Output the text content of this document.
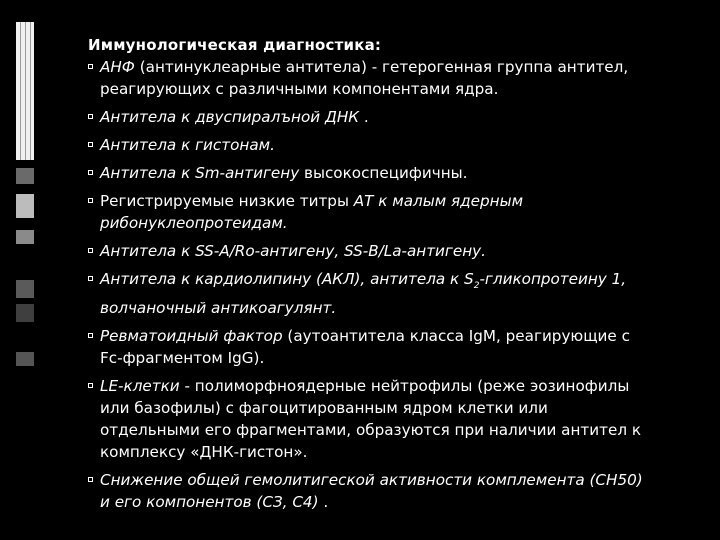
Иммунологическая диагностика:
АНФ (антинуклеарные антитела) - гетерогенная группа антител, реагирующих с различными компонентами ядра.
Антитела к двуспиралъной ДНК .
Антитела к гистонам.
Антитела к Sm-антигену высокоспецифичны.
Регистрируемые низкие титры АТ к малым ядерным рибонуклеопротеидам.
Антитела к SS-A/Ro-антигену, SS-B/La-антигену.
Антитела к кардиолипину (АКЛ), антитела к $S_2$-гликопротеину 1, волчаночный антикоагулянт.
Ревматоидный фактор (аутоантитела класса IgM, реагирующие с Fc-фрагментом IgG).
LE-клетки - полиморфноядерные нейтрофилы (реже эозинофилы или базофилы) с фагоцитированным ядром клетки или отдельными его фрагментами, образуются при наличии антител к комплексу «ДНК-гистон».
Снижение общей гемолитигеской активности комплемента (СН50) и его компонентов (СЗ, С4) .
